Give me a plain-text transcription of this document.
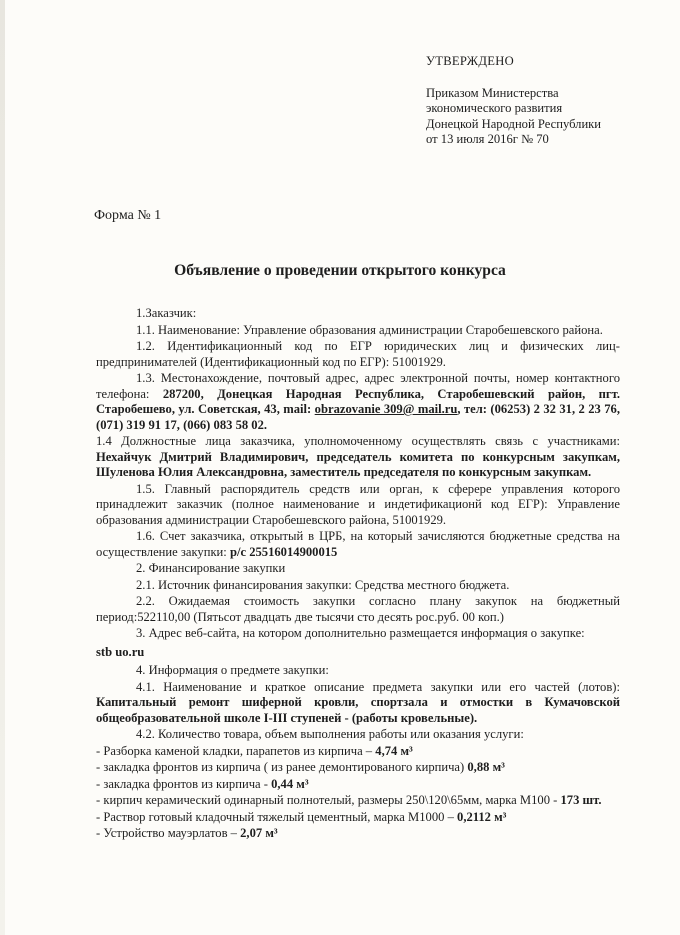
УТВЕРЖДЕНО
Приказом Министерства
экономического развития
Донецкой Народной Республики
от 13 июля 2016г № 70
Форма № 1
Объявление о проведении открытого конкурса

1.Заказчик:

1.1. Наименование: Управление образования администрации Старобешевского района.

1.2. Идентификационный код по ЕГР юридических лиц и физических лиц-предпринимателей (Идентификационный код по ЕГР): 51001929.

1.3. Местонахождение, почтовый адрес, адрес электронной почты, номер контактного телефона: 287200, Донецкая Народная Республика, Старобешевский район, пгт. Старобешево, ул. Советская, 43, mail: obrazovanie 309@ mail.ru, тел: (06253) 2 32 31, 2 23 76, (071) 319 91 17, (066) 083 58 02.

1.4 Должностные лица заказчика, уполномоченному осуществлять связь с участниками: Нехайчук Дмитрий Владимирович, председатель комитета по конкурсным закупкам, Шуленова Юлия Александровна, заместитель председателя по конкурсным закупкам.

1.5. Главный распорядитель средств или орган, к сферере управления которого принадлежит заказчик (полное наименование и индетификационй код ЕГР): Управление образования администрации Старобешевского района, 51001929.

1.6. Счет заказчика, открытый в ЦРБ, на который зачисляются бюджетные средства на осуществление закупки: р/с 25516014900015

2. Финансирование закупки

2.1. Источник финансирования закупки: Средства местного бюджета.

2.2. Ожидаемая стоимость закупки согласно плану закупок на бюджетный период:522110,00 (Пятьсот двадцать две тысячи сто десять рос.руб. 00 коп.)

3. Адрес веб-сайта, на котором дополнительно размещается информация о закупке:

stb uo.ru

4. Информация о предмете закупки:

4.1. Наименование и краткое описание предмета закупки или его частей (лотов): Капитальный ремонт шиферной кровли, спортзала и отмостки в Кумачовской общеобразовательной школе I-III ступеней - (работы кровельные).

4.2. Количество товара, объем выполнения работы или оказания услуги:

- Разборка каменой кладки, парапетов из кирпича – 4,74 м³

- закладка фронтов из кирпича ( из ранее демонтированого кирпича) 0,88 м³

- закладка фронтов из кирпича - 0,44 м³

- кирпич керамический одинарный полнотелый, размеры 250\120\65мм, марка М100 - 173 шт.

- Раствор готовый кладочный тяжелый цементный, марка М1000 – 0,2112 м³

- Устройство мауэрлатов – 2,07 м³
